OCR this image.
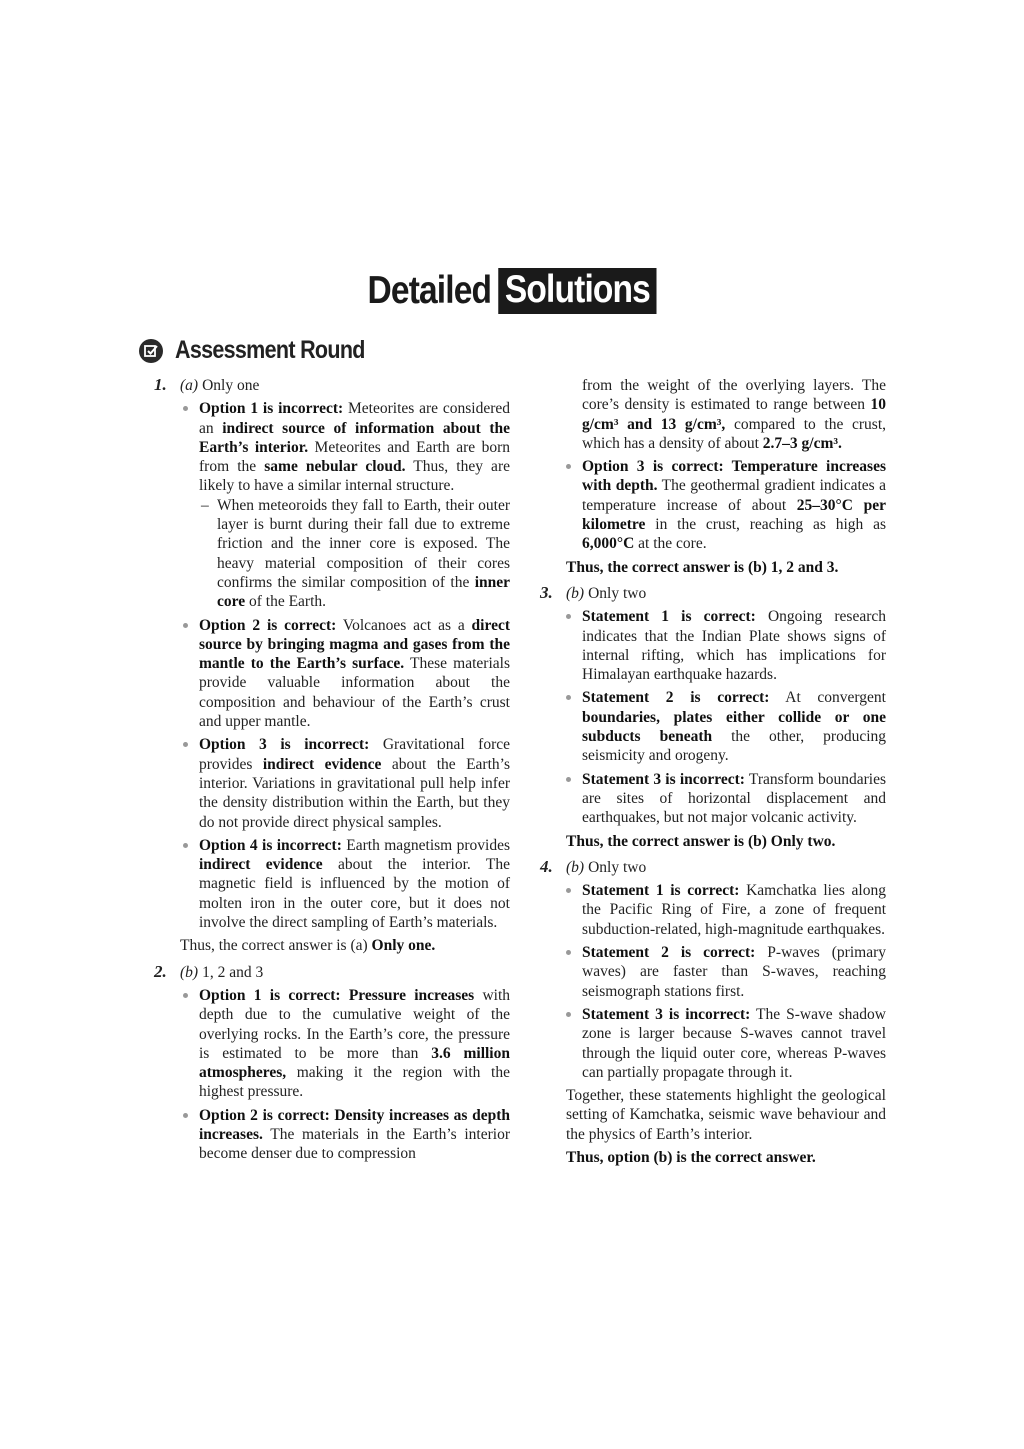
Detailed Solutions
Assessment Round
1. (a) Only one
Option 1 is incorrect: Meteorites are considered an indirect source of information about the Earth’s interior. Meteorites and Earth are born from the same nebular cloud. Thus, they are likely to have a similar internal structure.
– When meteoroids they fall to Earth, their outer layer is burnt during their fall due to extreme friction and the inner core is exposed. The heavy material composition of their cores confirms the similar composition of the inner core of the Earth.
Option 2 is correct: Volcanoes act as a direct source by bringing magma and gases from the mantle to the Earth’s surface. These materials provide valuable information about the composition and behaviour of the Earth’s crust and upper mantle.
Option 3 is incorrect: Gravitational force provides indirect evidence about the Earth’s interior. Variations in gravitational pull help infer the density distribution within the Earth, but they do not provide direct physical samples.
Option 4 is incorrect: Earth magnetism provides indirect evidence about the interior. The magnetic field is influenced by the motion of molten iron in the outer core, but it does not involve the direct sampling of Earth’s materials.
Thus, the correct answer is (a) Only one.
2. (b) 1, 2 and 3
Option 1 is correct: Pressure increases with depth due to the cumulative weight of the overlying rocks. In the Earth’s core, the pressure is estimated to be more than 3.6 million atmospheres, making it the region with the highest pressure.
Option 2 is correct: Density increases as depth increases. The materials in the Earth’s interior become denser due to compression
from the weight of the overlying layers. The core’s density is estimated to range between 10 g/cm³ and 13 g/cm³, compared to the crust, which has a density of about 2.7–3 g/cm³.
Option 3 is correct: Temperature increases with depth. The geothermal gradient indicates a temperature increase of about 25–30°C per kilometre in the crust, reaching as high as 6,000°C at the core.
Thus, the correct answer is (b) 1, 2 and 3.
3. (b) Only two
Statement 1 is correct: Ongoing research indicates that the Indian Plate shows signs of internal rifting, which has implications for Himalayan earthquake hazards.
Statement 2 is correct: At convergent boundaries, plates either collide or one subducts beneath the other, producing seismicity and orogeny.
Statement 3 is incorrect: Transform boundaries are sites of horizontal displacement and earthquakes, but not major volcanic activity.
Thus, the correct answer is (b) Only two.
4. (b) Only two
Statement 1 is correct: Kamchatka lies along the Pacific Ring of Fire, a zone of frequent subduction-related, high-magnitude earthquakes.
Statement 2 is correct: P-waves (primary waves) are faster than S-waves, reaching seismograph stations first.
Statement 3 is incorrect: The S-wave shadow zone is larger because S-waves cannot travel through the liquid outer core, whereas P-waves can partially propagate through it.
Together, these statements highlight the geological setting of Kamchatka, seismic wave behaviour and the physics of Earth’s interior.
Thus, option (b) is the correct answer.
